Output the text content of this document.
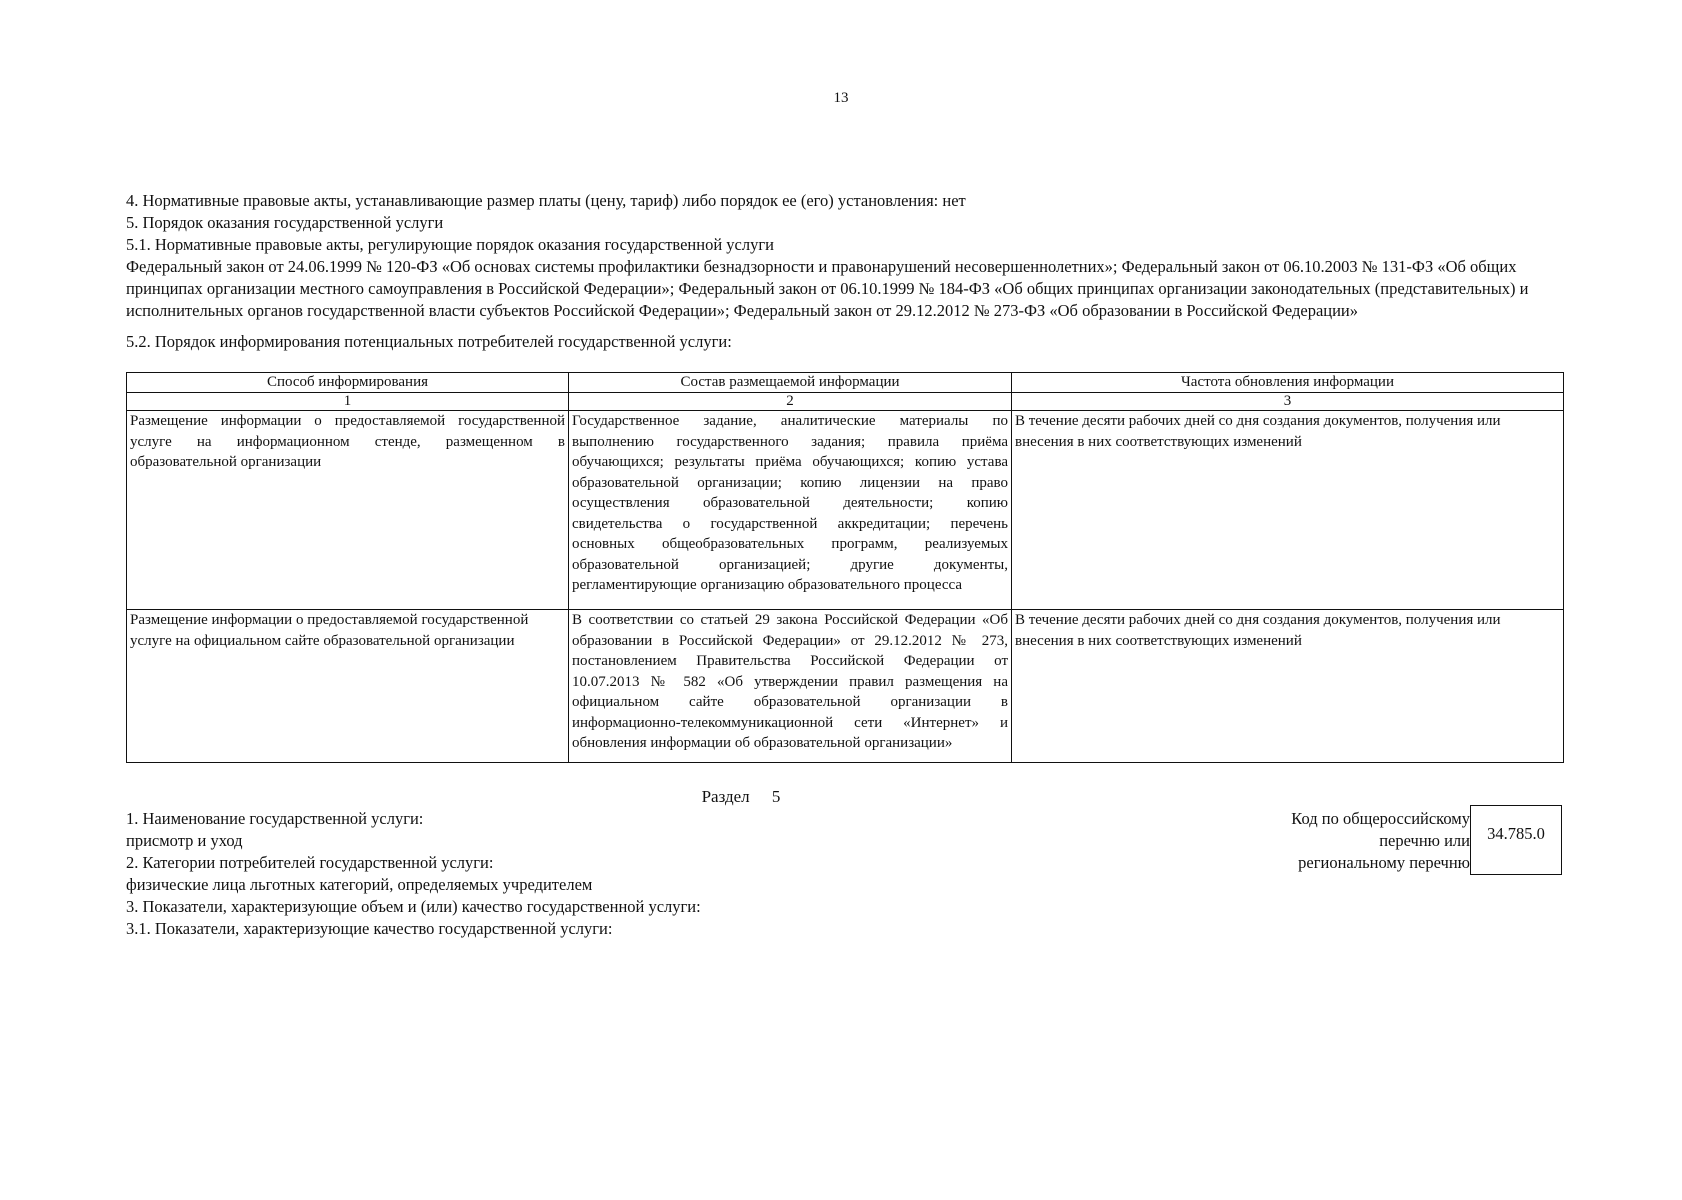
13

4. Нормативные правовые акты, устанавливающие размер платы (цену, тариф) либо порядок ее (его) установления: нет

5. Порядок оказания государственной услуги

5.1. Нормативные правовые акты, регулирующие порядок оказания государственной услуги

Федеральный закон от 24.06.1999 № 120-ФЗ «Об основах системы профилактики безнадзорности и правонарушений несовершеннолетних»; Федеральный закон от 06.10.2003 № 131-ФЗ «Об общих принципах организации местного самоуправления в Российской Федерации»; Федеральный закон от 06.10.1999 № 184-ФЗ «Об общих принципах организации законодательных (представительных) и исполнительных органов государственной власти субъектов Российской Федерации»; Федеральный закон от 29.12.2012 № 273-ФЗ «Об образовании в Российской Федерации»

5.2. Порядок информирования потенциальных потребителей государственной услуги:

Способ информирования	Состав размещаемой информации	Частота обновления информации
1	2	3
Размещение информации о предоставляемой государственной услуге на информационном стенде, размещенном в образовательной организации	Государственное задание, аналитические материалы по выполнению государственного задания; правила приёма обучающихся; результаты приёма обучающихся; копию устава образовательной организации; копию лицензии на право осуществления образовательной деятельности; копию свидетельства о государственной аккредитации; перечень основных общеобразовательных программ, реализуемых образовательной организацией; другие документы, регламентирующие организацию образовательного процесса	В течение десяти рабочих дней со дня создания документов, получения или внесения в них соответствующих изменений
Размещение информации о предоставляемой государственной услуге на официальном сайте образовательной организации	В соответствии со статьей 29 закона Российской Федерации «Об образовании в Российской Федерации» от 29.12.2012 № 273, постановлением Правительства Российской Федерации от 10.07.2013 № 582 «Об утверждении правил размещения на официальном сайте образовательной организации в информационно-телекоммуникационной сети «Интернет» и обновления информации об образовательной организации»	В течение десяти рабочих дней со дня создания документов, получения или внесения в них соответствующих изменений
Раздел 5

1. Наименование государственной услуги:

присмотр и уход

2. Категории потребителей государственной услуги:

физические лица льготных категорий, определяемых учредителем

3. Показатели, характеризующие объем и (или) качество государственной услуги:

3.1. Показатели, характеризующие качество государственной услуги:

Код по общероссийскому

перечню или

региональному перечню

34.785.0
